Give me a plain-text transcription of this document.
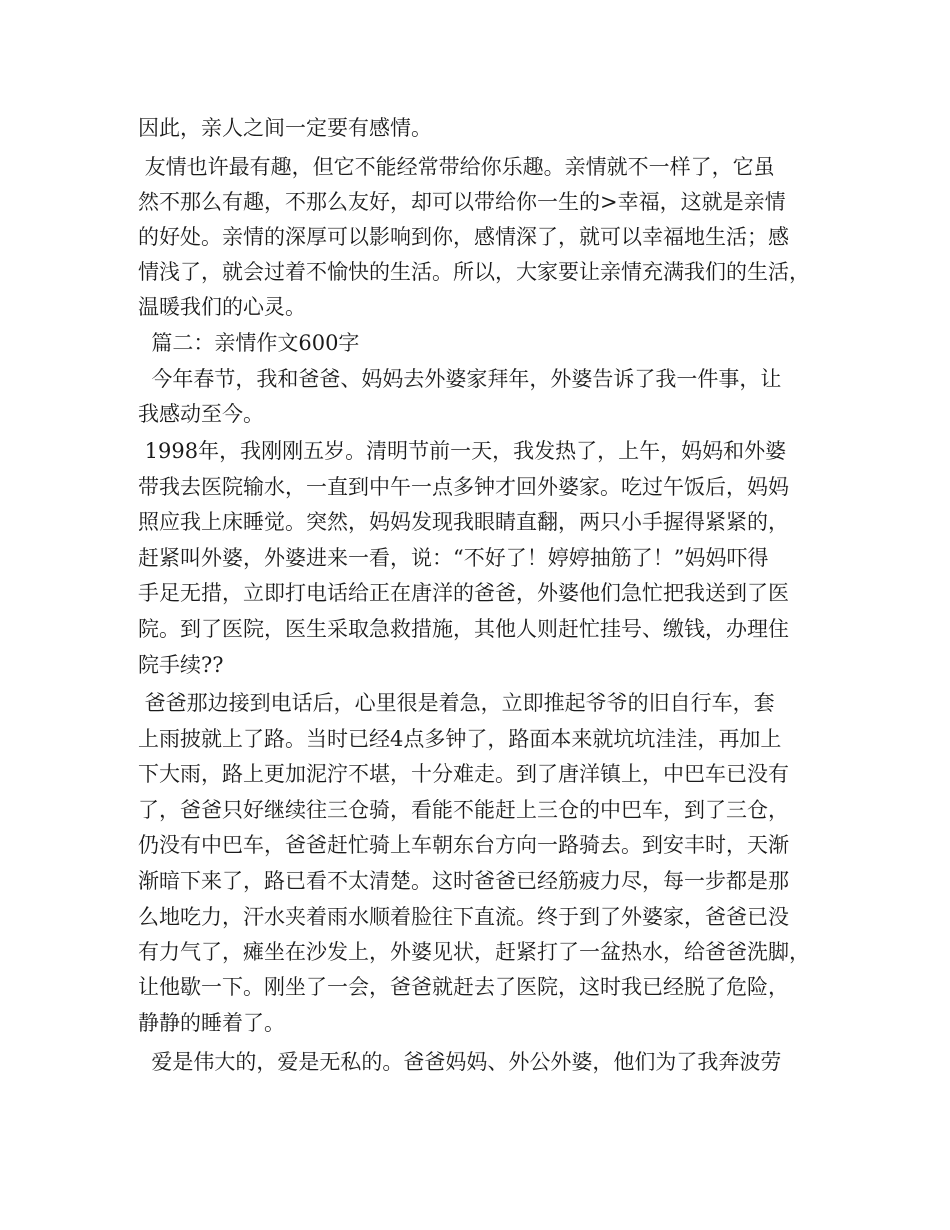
因此，亲人之间一定要有感情。
友情也许最有趣，但它不能经常带给你乐趣。亲情就不一样了，它虽
然不那么有趣，不那么友好，却可以带给你一生的>幸福，这就是亲情
的好处。亲情的深厚可以影响到你，感情深了，就可以幸福地生活；感
情浅了，就会过着不愉快的生活。所以，大家要让亲情充满我们的生活，
温暖我们的心灵。
篇二：亲情作文600字
今年春节，我和爸爸、妈妈去外婆家拜年，外婆告诉了我一件事，让
我感动至今。
1998年，我刚刚五岁。清明节前一天，我发热了，上午，妈妈和外婆
带我去医院输水，一直到中午一点多钟才回外婆家。吃过午饭后，妈妈
照应我上床睡觉。突然，妈妈发现我眼睛直翻，两只小手握得紧紧的，
赶紧叫外婆，外婆进来一看，说：“不好了！婷婷抽筋了！”妈妈吓得
手足无措，立即打电话给正在唐洋的爸爸，外婆他们急忙把我送到了医
院。到了医院，医生采取急救措施，其他人则赶忙挂号、缴钱，办理住
院手续??
爸爸那边接到电话后，心里很是着急，立即推起爷爷的旧自行车，套
上雨披就上了路。当时已经4点多钟了，路面本来就坑坑洼洼，再加上
下大雨，路上更加泥泞不堪，十分难走。到了唐洋镇上，中巴车已没有
了，爸爸只好继续往三仓骑，看能不能赶上三仓的中巴车，到了三仓，
仍没有中巴车，爸爸赶忙骑上车朝东台方向一路骑去。到安丰时，天渐
渐暗下来了，路已看不太清楚。这时爸爸已经筋疲力尽，每一步都是那
么地吃力，汗水夹着雨水顺着脸往下直流。终于到了外婆家，爸爸已没
有力气了，瘫坐在沙发上，外婆见状，赶紧打了一盆热水，给爸爸洗脚，
让他歇一下。刚坐了一会，爸爸就赶去了医院，这时我已经脱了危险，
静静的睡着了。
爱是伟大的，爱是无私的。爸爸妈妈、外公外婆，他们为了我奔波劳
